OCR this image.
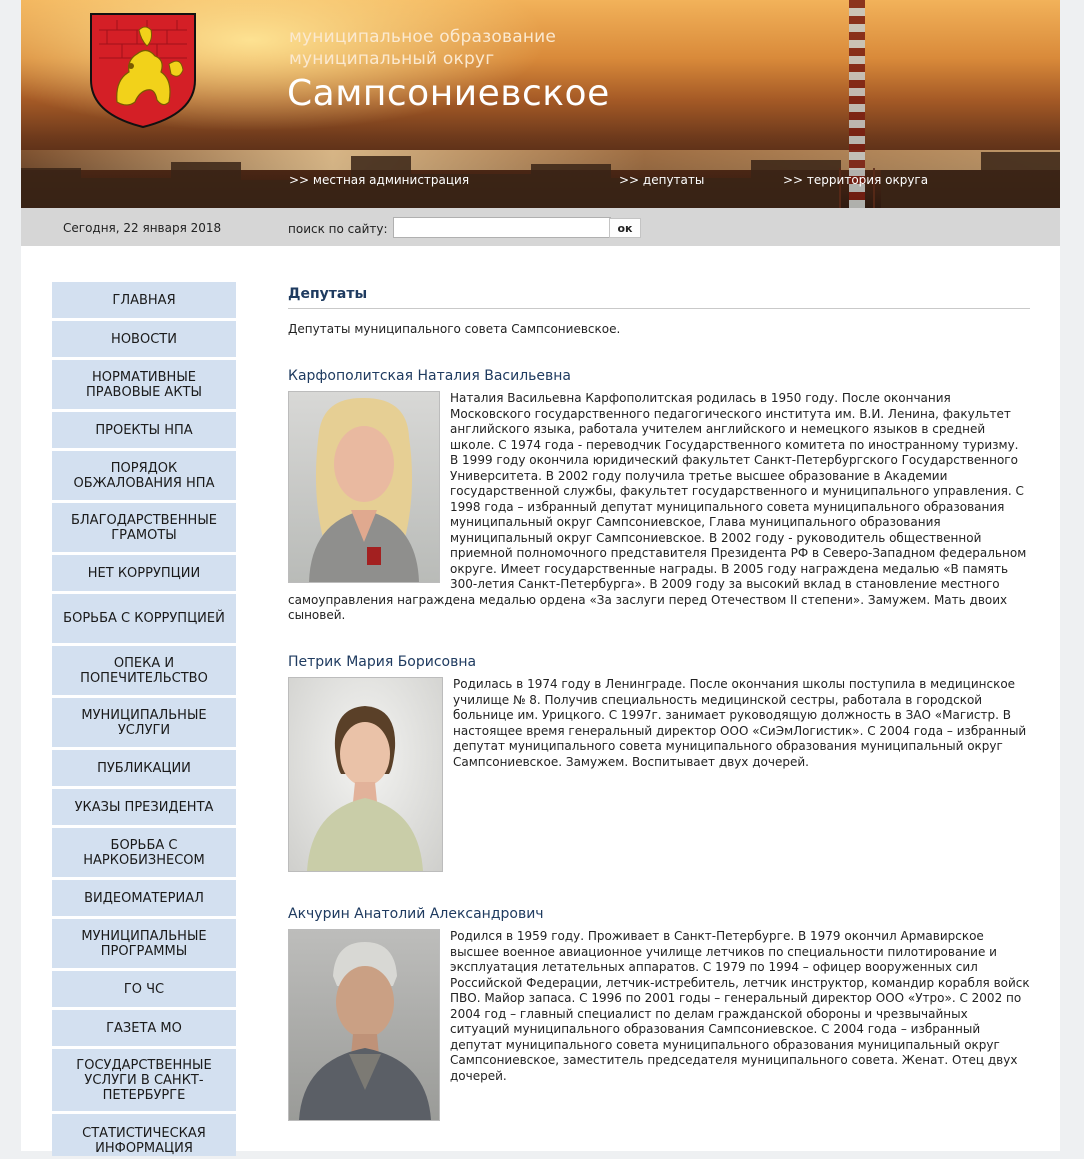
муниципальное образование
муниципальный округ
Сампсониевское
>> местная администрация	>> депутаты	>> территория округа
Сегодня, 22 января 2018	поиск по сайту:	ок
ГЛАВНАЯ
НОВОСТИ
НОРМАТИВНЫЕ ПРАВОВЫЕ АКТЫ
ПРОЕКТЫ НПА
ПОРЯДОК ОБЖАЛОВАНИЯ НПА
БЛАГОДАРСТВЕННЫЕ ГРАМОТЫ
НЕТ КОРРУПЦИИ
БОРЬБА С КОРРУПЦИЕЙ
ОПЕКА И ПОПЕЧИТЕЛЬСТВО
МУНИЦИПАЛЬНЫЕ УСЛУГИ
ПУБЛИКАЦИИ
УКАЗЫ ПРЕЗИДЕНТА
БОРЬБА С НАРКОБИЗНЕСОМ
ВИДЕОМАТЕРИАЛ
МУНИЦИПАЛЬНЫЕ ПРОГРАММЫ
ГО ЧС
ГАЗЕТА МО
ГОСУДАРСТВЕННЫЕ УСЛУГИ В САНКТ-ПЕТЕРБУРГЕ
СТАТИСТИЧЕСКАЯ ИНФОРМАЦИЯ
Депутаты
Депутаты муниципального совета Сампсониевское.
Карфополитская Наталия Васильевна

Наталия Васильевна Карфополитская родилась в 1950 году. После окончания Московского государственного педагогического института им. В.И. Ленина, факультет английского языка, работала учителем английского и немецкого языков в средней школе. С 1974 года - переводчик Государственного комитета по иностранному туризму. В 1999 году окончила юридический факультет Санкт-Петербургского Государственного Университета. В 2002 году получила третье высшее образование в Академии государственной службы, факультет государственного и муниципального управления. С 1998 года – избранный депутат муниципального совета муниципального образования муниципальный округ Сампсониевское, Глава муниципального образования муниципальный округ Сампсониевское. В 2002 году - руководитель общественной приемной полномочного представителя Президента РФ в Северо-Западном федеральном округе. Имеет государственные награды. В 2005 году награждена медалью «В память 300-летия Санкт-Петербурга». В 2009 году за высокий вклад в становление местного самоуправления награждена медалью ордена «За заслуги перед Отечеством II степени». Замужем. Мать двоих сыновей.

Петрик Мария Борисовна

Родилась в 1974 году в Ленинграде. После окончания школы поступила в медицинское училище № 8. Получив специальность медицинской сестры, работала в городской больнице им. Урицкого. С 1997г. занимает руководящую должность в ЗАО «Магистр. В настоящее время генеральный директор ООО «СиЭмЛогистик». С 2004 года – избранный депутат муниципального совета муниципального образования муниципальный округ Сампсониевское. Замужем. Воспитывает двух дочерей.

Акчурин Анатолий Александрович

Родился в 1959 году. Проживает в Санкт-Петербурге. В 1979 окончил Армавирское высшее военное авиационное училище летчиков по специальности пилотирование и эксплуатация летательных аппаратов. С 1979 по 1994 – офицер вооруженных сил Российской Федерации, летчик-истребитель, летчик инструктор, командир корабля войск ПВО. Майор запаса. С 1996 по 2001 годы – генеральный директор ООО «Утро». С 2002 по 2004 год – главный специалист по делам гражданской обороны и чрезвычайных ситуаций муниципального образования Сампсониевское. С 2004 года – избранный депутат муниципального совета муниципального образования муниципальный округ Сампсониевское, заместитель председателя муниципального совета. Женат. Отец двух дочерей.
